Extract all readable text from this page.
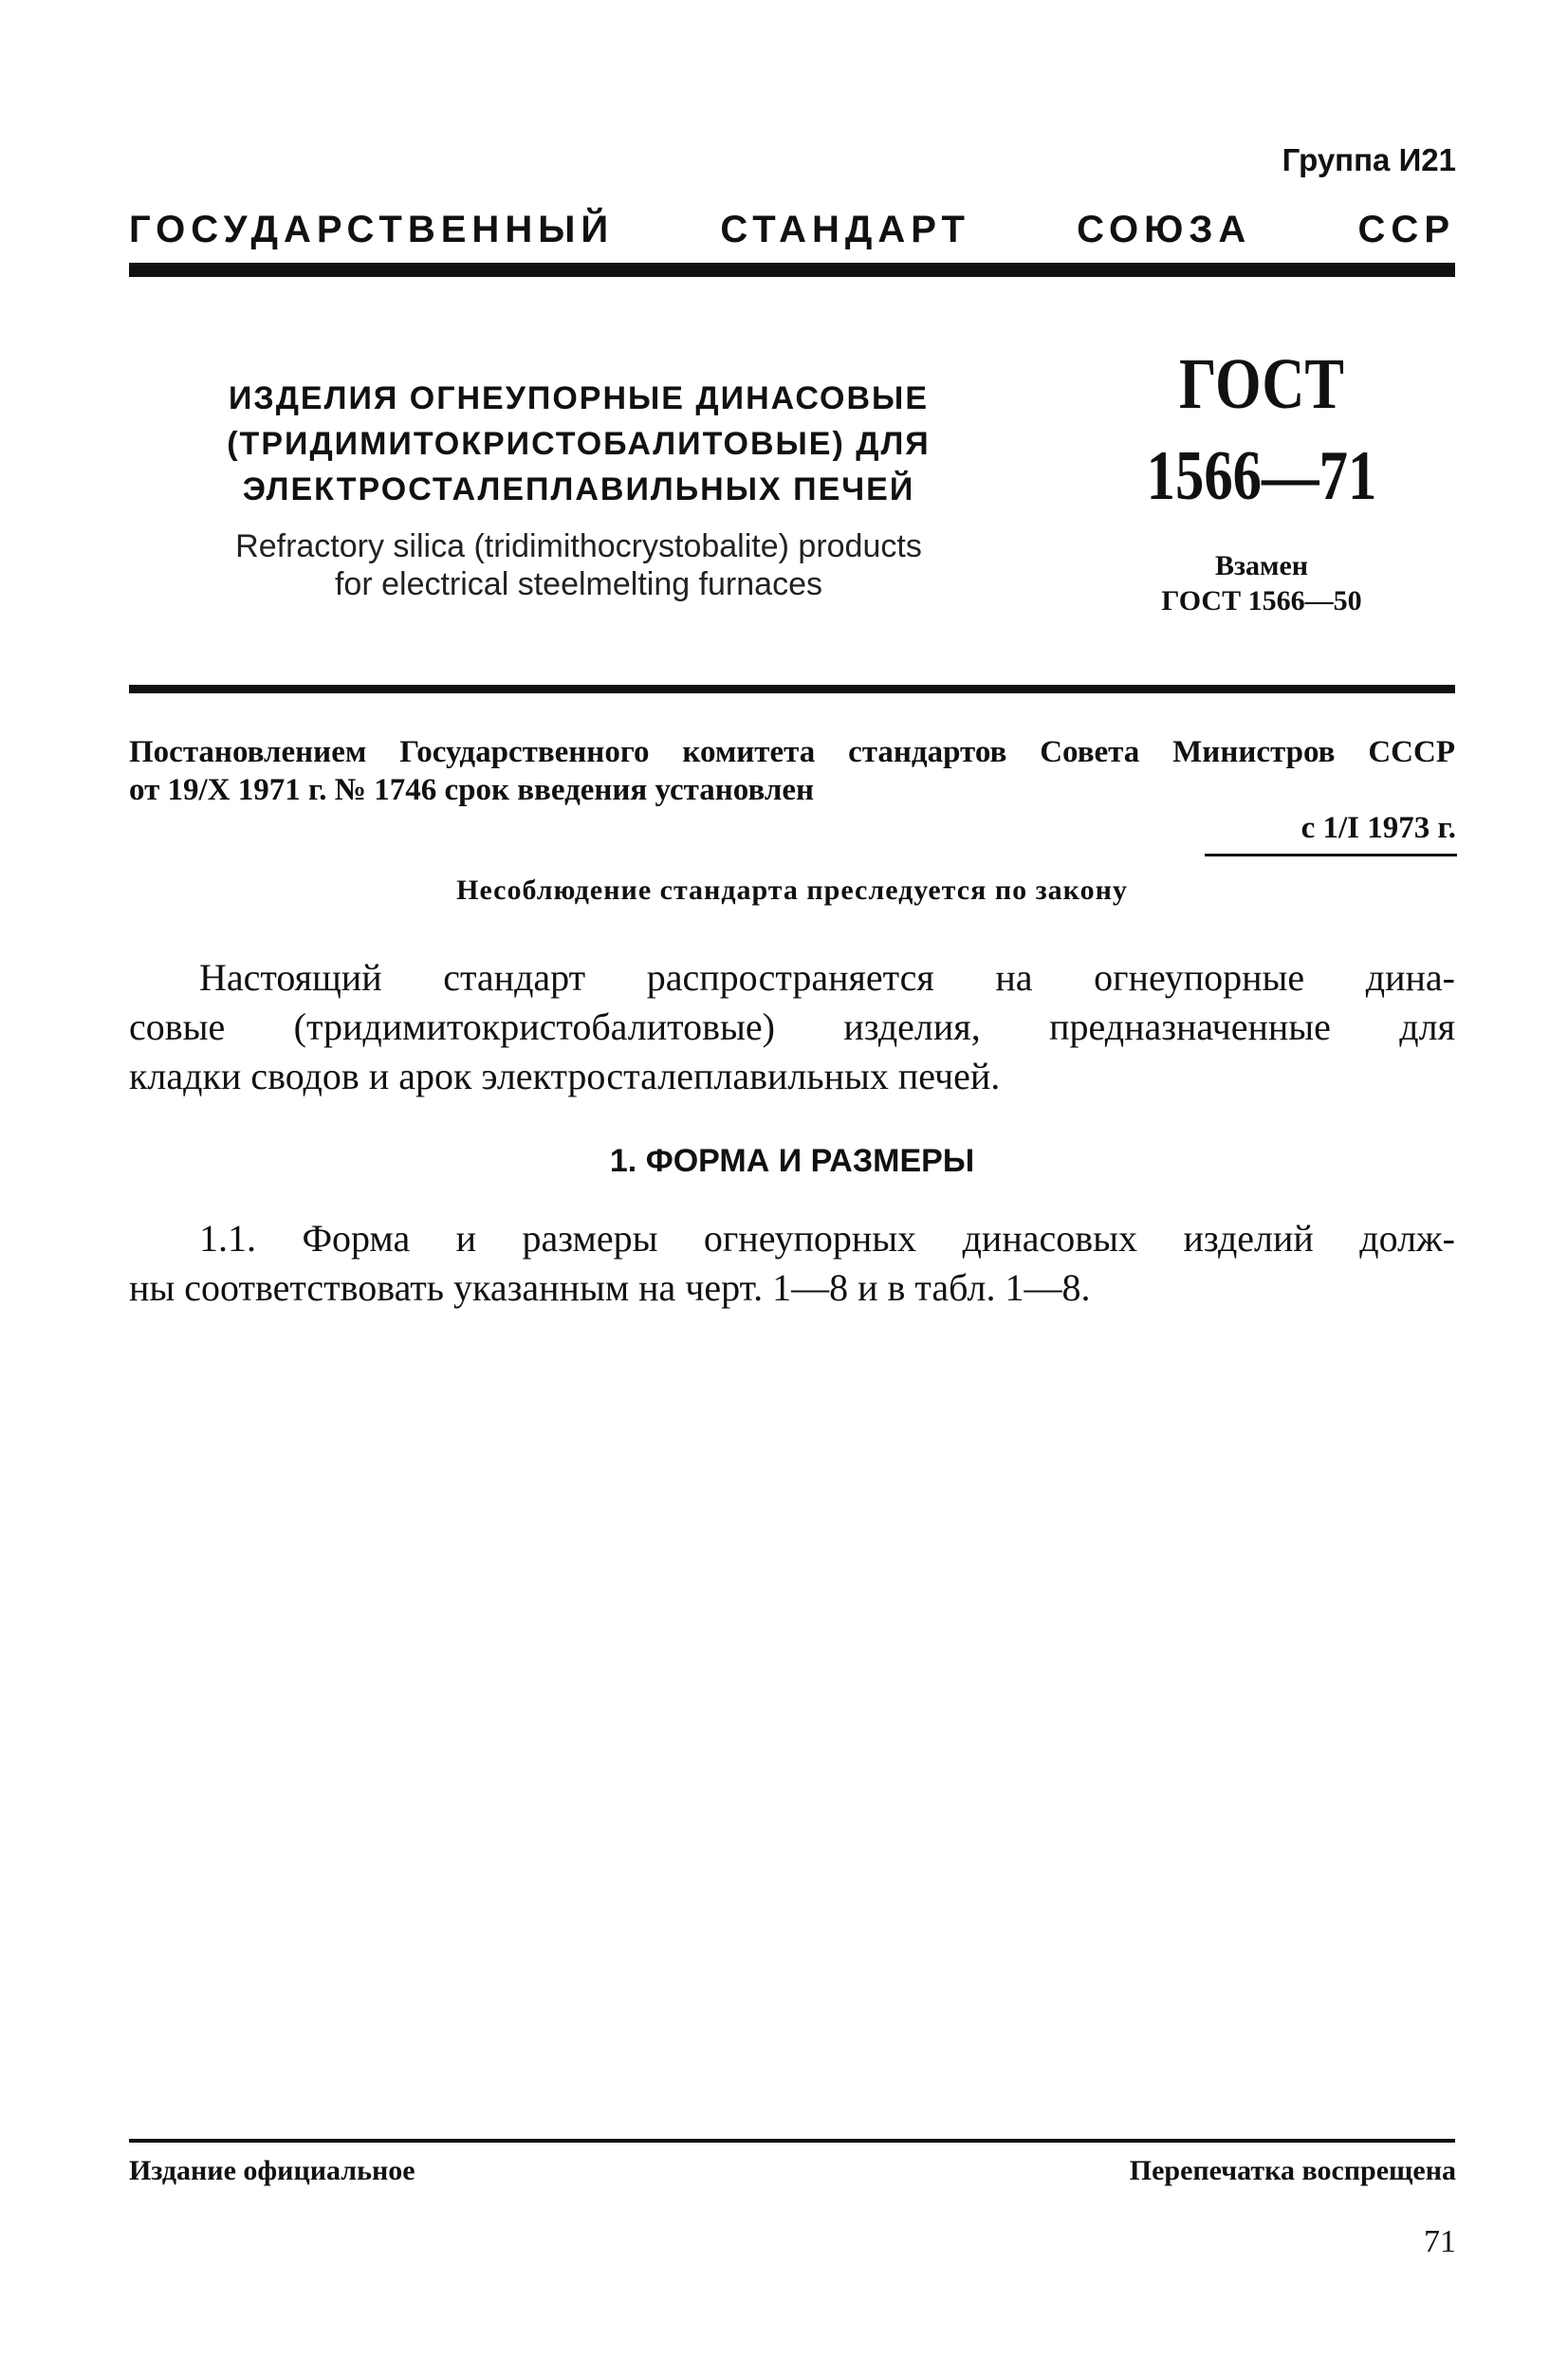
Группа И21
ГОСУДАРСТВЕННЫЙ СТАНДАРТ СОЮЗА ССР
ИЗДЕЛИЯ ОГНЕУПОРНЫЕ ДИНАСОВЫЕ
(ТРИДИМИТОКРИСТОБАЛИТОВЫЕ) ДЛЯ
ЭЛЕКТРОСТАЛЕПЛАВИЛЬНЫХ ПЕЧЕЙ
Refractory silica (tridimithocrystobalite) products
for electrical steelmelting furnaces
ГОСТ
1566—71
Взамен
ГОСТ 1566—50
Постановлением Государственного комитета стандартов Совета Министров СССР
от 19/X 1971 г. № 1746 срок введения установлен
с 1/I 1973 г.
Несоблюдение стандарта преследуется по закону
Настоящий стандарт распространяется на огнеупорные дина-
совые (тридимитокристобалитовые) изделия, предназначенные для
кладки сводов и арок электросталеплавильных печей.
1. ФОРМА И РАЗМЕРЫ
1.1. Форма и размеры огнеупорных динасовых изделий долж-
ны соответствовать указанным на черт. 1—8 и в табл. 1—8.
Издание официальное	Перепечатка воспрещена
71
